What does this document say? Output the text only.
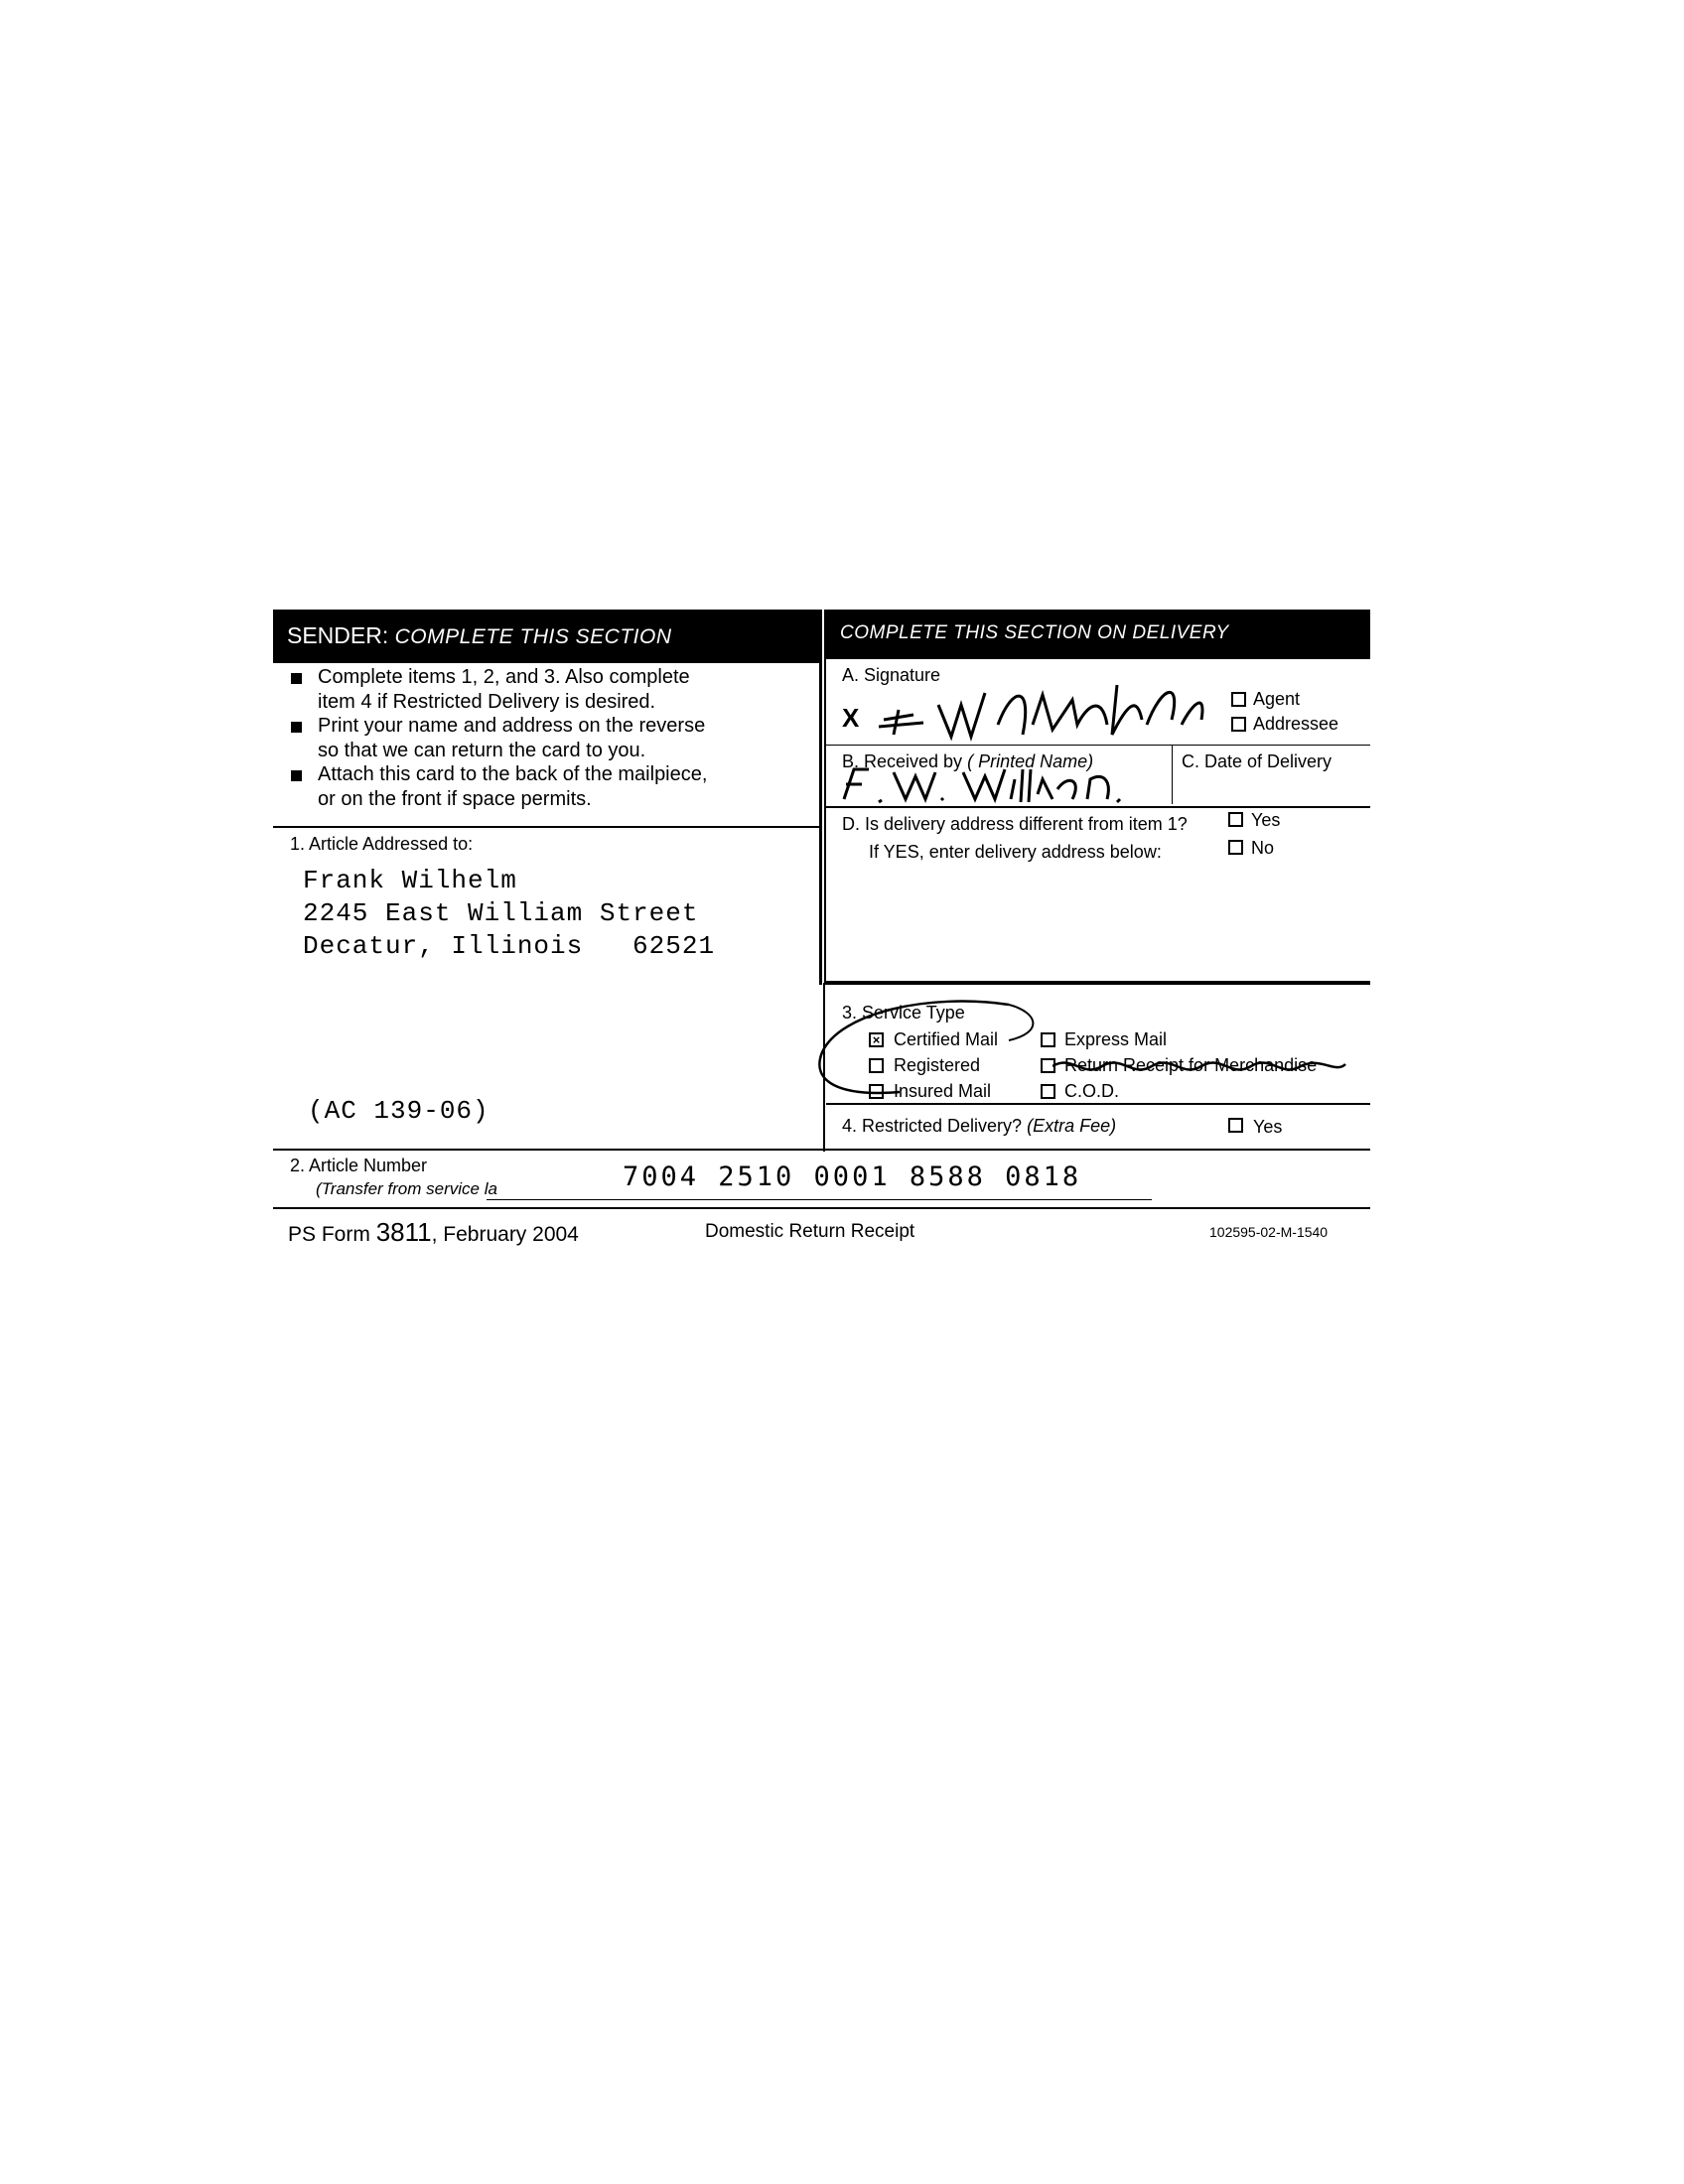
SENDER: COMPLETE THIS SECTION	COMPLETE THIS SECTION ON DELIVERY
Complete items 1, 2, and 3. Also complete
item 4 if Restricted Delivery is desired.
Print your name and address on the reverse
so that we can return the card to you.
Attach this card to the back of the mailpiece,
or on the front if space permits.
1. Article Addressed to:
Frank Wilhelm
2245 East William Street
Decatur, Illinois   62521
(AC 139-06)
A. Signature
X
Agent
Addressee
B. Received by ( Printed Name)	C. Date of Delivery
D. Is delivery address different from item 1?
If YES, enter delivery address below:
Yes
No
3. Service Type
× Certified Mail	Express Mail
Registered	Return Receipt for Merchandise
Insured Mail	C.O.D.
4. Restricted Delivery? (Extra Fee)	Yes
2. Article Number
(Transfer from service la	7004 2510 0001 8588 0818
PS Form 3811, February 2004	Domestic Return Receipt	102595-02-M-1540
